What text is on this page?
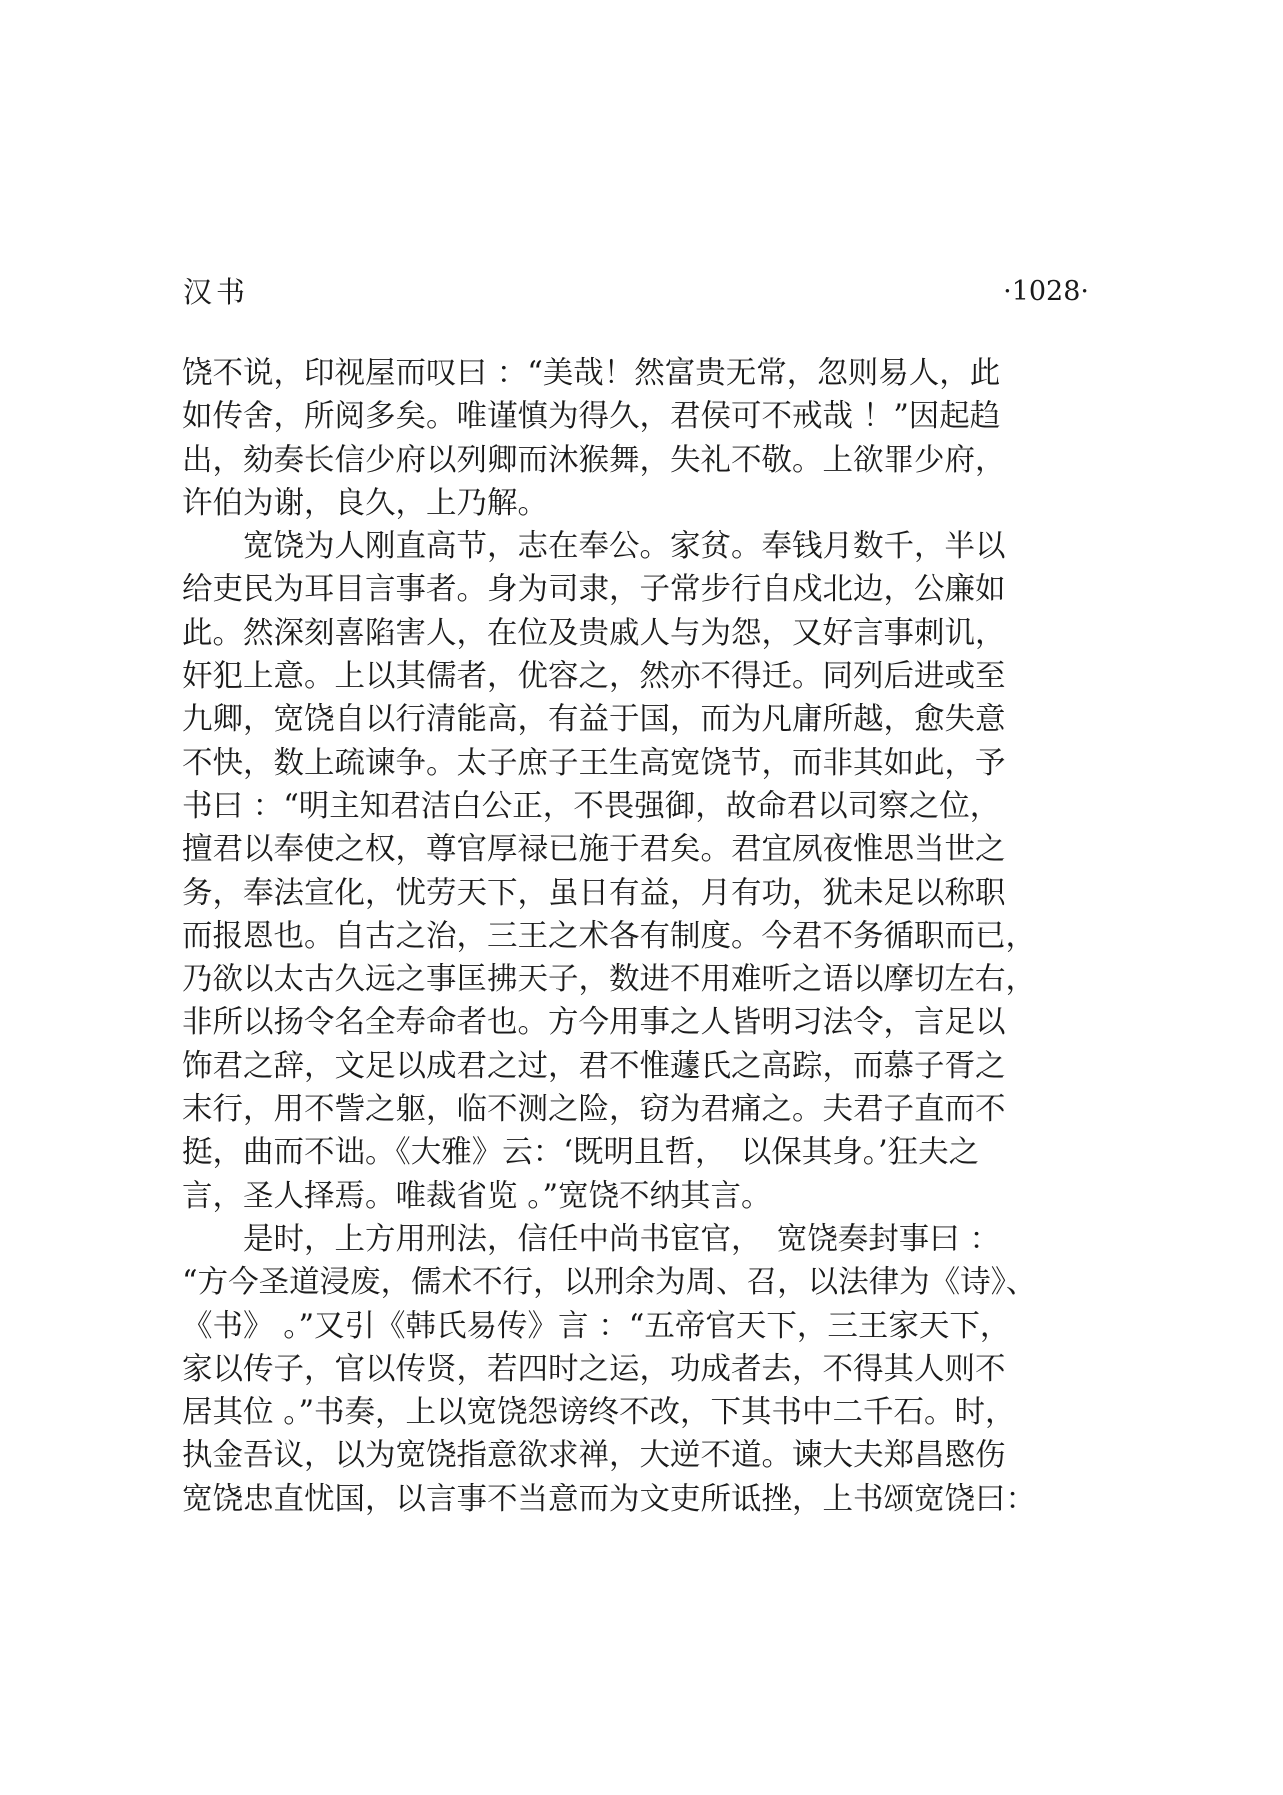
汉书	·1028·
饶不说，印视屋而叹曰 ：“美哉！然富贵无常，忽则易人，此
如传舍，所阅多矣。唯谨慎为得久，君侯可不戒哉 ！”因起趋
出，劾奏长信少府以列卿而沐猴舞，失礼不敬。上欲罪少府，
许伯为谢，良久，上乃解。
　　宽饶为人刚直高节，志在奉公。家贫。奉钱月数千，半以
给吏民为耳目言事者。身为司隶，子常步行自戍北边，公廉如
此。然深刻喜陷害人，在位及贵戚人与为怨，又好言事刺讥，
奸犯上意。上以其儒者，优容之，然亦不得迁。同列后进或至
九卿，宽饶自以行清能高，有益于国，而为凡庸所越，愈失意
不快，数上疏谏争。太子庶子王生高宽饶节，而非其如此，予
书曰 ：“明主知君洁白公正，不畏强御，故命君以司察之位，
擅君以奉使之权，尊官厚禄已施于君矣。君宜夙夜惟思当世之
务，奉法宣化，忧劳天下，虽日有益，月有功，犹未足以称职
而报恩也。自古之治，三王之术各有制度。今君不务循职而已，
乃欲以太古久远之事匡拂天子，数进不用难听之语以摩切左右，
非所以扬令名全寿命者也。方今用事之人皆明习法令，言足以
饰君之辞，文足以成君之过，君不惟蘧氏之高踪，而慕子胥之
末行，用不訾之躯，临不测之险，窃为君痛之。夫君子直而不
挺，曲而不诎。《大雅》云：‘既明且哲，　以保其身。’狂夫之
言，圣人择焉。唯裁省览 。”宽饶不纳其言。
　　是时，上方用刑法，信任中尚书宦官，　宽饶奏封事曰 ：
“方今圣道浸废，儒术不行，以刑余为周、召，以法律为《诗》、
《书》 。”又引《韩氏易传》言 ：“五帝官天下，三王家天下，
家以传子，官以传贤，若四时之运，功成者去，不得其人则不
居其位 。”书奏，上以宽饶怨谤终不改，下其书中二千石。时，
执金吾议，以为宽饶指意欲求禅，大逆不道。谏大夫郑昌愍伤
宽饶忠直忧国，以言事不当意而为文吏所诋挫，上书颂宽饶曰：
